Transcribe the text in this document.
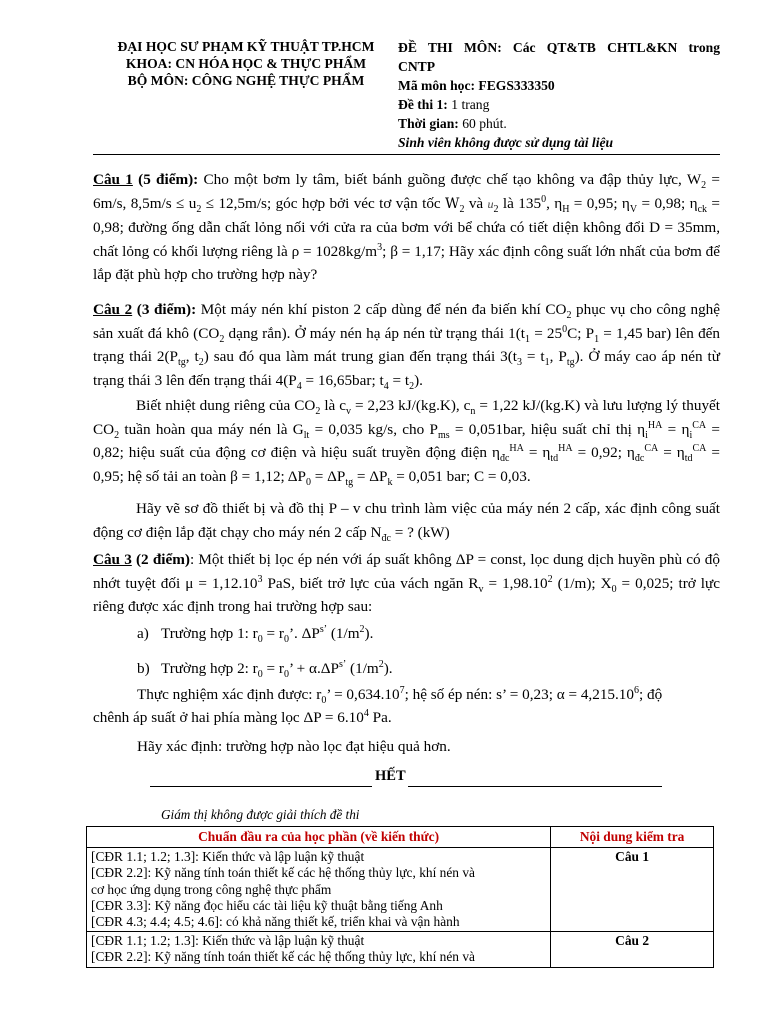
ĐẠI HỌC SƯ PHẠM KỸ THUẬT TP.HCM
KHOA: CN HÓA HỌC & THỰC PHẨM
BỘ MÔN: CÔNG NGHỆ THỰC PHẨM
ĐỀ THI MÔN: Các QT&TB CHTL&KN trong
CNTP
Mã môn học: FEGS333350
Đề thi 1: 1 trang
Thời gian: 60 phút.
Sinh viên không được sử dụng tài liệu
Câu 1 (5 điểm): Cho một bơm ly tâm, biết bánh guồng được chế tạo không va đập thủy lực, $W_2 = 6m/s$, $8,5m/s \le u_2 \le 12,5m/s$; góc hợp bởi véc tơ vận tốc $W_2$ và $u_2$ là $135^0$, $\eta_H = 0,95$; $\eta_V = 0,98$; $\eta_{ck} = 0,98$; đường ống dẫn chất lỏng nối với cửa ra của bơm với bể chứa có tiết diện không đổi D = 35mm, chất lỏng có khối lượng riêng là $\rho = 1028kg/m^3$; β = 1,17; Hãy xác định công suất lớn nhất của bơm để lắp đặt phù hợp cho trường hợp này?
Câu 2 (3 điểm): Một máy nén khí piston 2 cấp dùng để nén đa biến khí $CO_2$ phục vụ cho công nghệ sản xuất đá khô ($CO_2$ dạng rắn). Ở máy nén hạ áp nén từ trạng thái $1(t_1 = 25^0C$; $P_1 = 1,45$ bar) lên đến trạng thái $2(P_{tg}$, $t_2$) sau đó qua làm mát trung gian đến trạng thái $3(t_3 = t_1$, $P_{tg}$). Ở máy cao áp nén từ trạng thái 3 lên đến trạng thái $4(P_4 = 16,65bar$; $t_4 = t_2$).
Biết nhiệt dung riêng của $CO_2$ là $c_v = 2,23$ kJ/(kg.K), $c_n = 1,22$ kJ/(kg.K) và lưu lượng lý thuyết $CO_2$ tuần hoàn qua máy nén là $G_{lt} = 0,035$ kg/s, cho $P_{ms} = 0,051bar$, hiệu suất chỉ thị $\eta_i^{HA} = \eta_i^{CA} = 0,82$; hiệu suất của động cơ điện và hiệu suất truyền động điện $\eta_{đc}^{HA} = \eta_{td}^{HA} = 0,92$; $\eta_{đc}^{CA} = \eta_{td}^{CA} = 0,95$; hệ số tải an toàn β = 1,12; $\Delta P_0 = \Delta P_{tg} = \Delta P_k = 0,051$ bar; C = 0,03.
Hãy vẽ sơ đồ thiết bị và đồ thị P – v chu trình làm việc của máy nén 2 cấp, xác định công suất động cơ điện lắp đặt chạy cho máy nén 2 cấp $N_{đc}$ = ? (kW)
Câu 3 (2 điểm): Một thiết bị lọc ép nén với áp suất không ΔP = const, lọc dung dịch huyền phù có độ nhớt tuyệt đối $\mu = 1,12.10^3$ PaS, biết trở lực của vách ngăn $R_v = 1,98.10^2$ (1/m); $X_0 = 0,025$; trở lực riêng được xác định trong hai trường hợp sau:
a) Trường hợp 1: $r_0 = r_0$’. $\Delta P^{s’}$ $(1/m^2)$.
b) Trường hợp 2: $r_0 = r_0$’ + $\alpha.\Delta P^{s’}$ $(1/m^2)$.
Thực nghiệm xác định được: $r_0$’ = $0,634.10^7$; hệ số ép nén: s’ = 0,23; $\alpha = 4,215.10^6$; độ
chênh áp suất ở hai phía màng lọc $\Delta P = 6.10^4$ Pa.
Hãy xác định: trường hợp nào lọc đạt hiệu quả hơn.
HẾT
Giám thị không được giải thích đề thi
Chuẩn đầu ra của học phần (về kiến thức)	Nội dung kiểm tra

[CĐR 1.1; 1.2; 1.3]: Kiến thức và lập luận kỹ thuật
[CĐR 2.2]: Kỹ năng tính toán thiết kế các hệ thống thủy lực, khí nén và
cơ học ứng dụng trong công nghệ thực phẩm
[CĐR 3.3]: Kỹ năng đọc hiểu các tài liệu kỹ thuật bằng tiếng Anh
[CĐR 4.3; 4.4; 4.5; 4.6]: có khả năng thiết kế, triển khai và vận hành	Câu 1

[CĐR 1.1; 1.2; 1.3]: Kiến thức và lập luận kỹ thuật
[CĐR 2.2]: Kỹ năng tính toán thiết kế các hệ thống thủy lực, khí nén và	Câu 2
